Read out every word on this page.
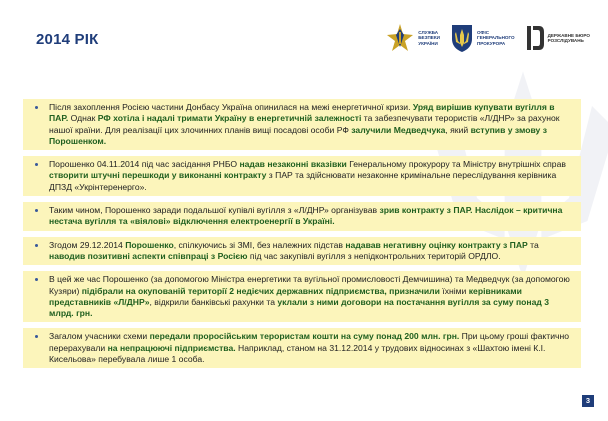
2014 РІК	СЛУЖБА
БЕЗПЕКИ
УКРАЇНИ
ОФІС
ГЕНЕРАЛЬНОГО
ПРОКУРОРА
ДЕРЖАВНЕ БЮРО
РОЗСЛІДУВАНЬ
Після захоплення Росією частини Донбасу Україна опинилася на межі енергетичної кризи. Уряд вирішив купувати вугілля в ПАР. Однак РФ хотіла і надалі тримати Україну в енергетичній залежності та забезпечувати терористів «Л/ДНР» за рахунок нашої країни. Для реалізації цих злочинних планів вищі посадові особи РФ залучили Медведчука, який вступив у змову з Порошенком.
Порошенко 04.11.2014 під час засідання РНБО надав незаконні вказівки Генеральному прокурору та Міністру внутрішніх справ створити штучні перешкоди у виконанні контракту з ПАР та здійснювати незаконне кримінальне переслідування керівника ДПЗД «Укрінтеренерго».
Таким чином, Порошенко заради подальшої купівлі вугілля з «Л/ДНР» організував зрив контракту з ПАР. Наслідок – критична нестача вугілля та «віялові» відключення електроенергії в Україні.
Згодом 29.12.2014 Порошенко, спілкуючись зі ЗМІ, без належних підстав надавав негативну оцінку контракту з ПАР та наводив позитивні аспекти співпраці з Росією під час закупівлі вугілля з непідконтрольних територій ОРДЛО.
В цей же час Порошенко (за допомогою Міністра енергетики та вугільної промисловості Демчишина) та Медведчук (за допомогою Кузяри) підібрали на окупованій території 2 недієчих державних підприємства, призначили їхніми керівниками представників «Л/ДНР», відкрили банківські рахунки та уклали з ними договори на постачання вугілля за суму понад 3 млрд. грн.
Загалом учасники схеми передали проросійським терористам кошти на суму понад 200 млн. грн. При цьому гроші фактично перерахували на непрацюючі підприємства. Наприклад, станом на 31.12.2014 у трудових відносинах з «Шахтою імені К.І. Кисельова» перебувала лише 1 особа.
3
